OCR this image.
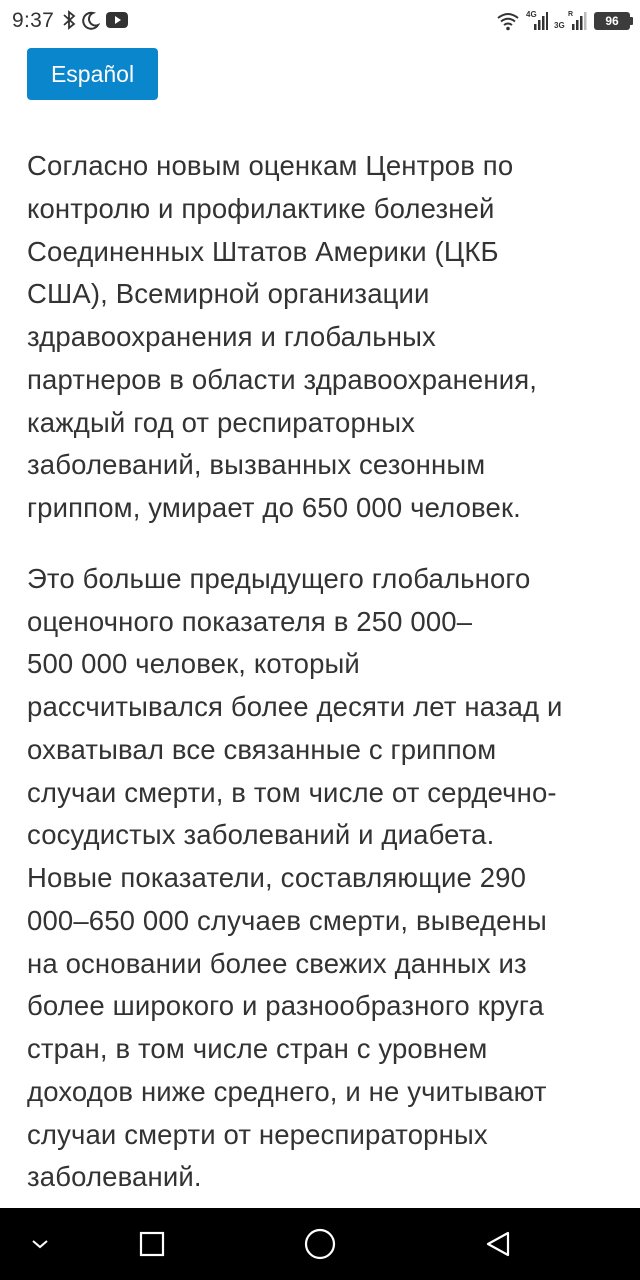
9:37	4G
3G
R	96
Español

Согласно новым оценкам Центров по
контролю и профилактике болезней
Соединенных Штатов Америки (ЦКБ
США), Всемирной организации
здравоохранения и глобальных
партнеров в области здравоохранения,
каждый год от респираторных
заболеваний, вызванных сезонным
гриппом, умирает до 650 000 человек.

Это больше предыдущего глобального
оценочного показателя в 250 000–
500 000 человек, который
рассчитывался более десяти лет назад и
охватывал все связанные с гриппом
случаи смерти, в том числе от сердечно-
сосудистых заболеваний и диабета.
Новые показатели, составляющие 290
000–650 000 случаев смерти, выведены
на основании более свежих данных из
более широкого и разнообразного круга
стран, в том числе стран с уровнем
доходов ниже среднего, и не учитывают
случаи смерти от нереспираторных
заболеваний.
